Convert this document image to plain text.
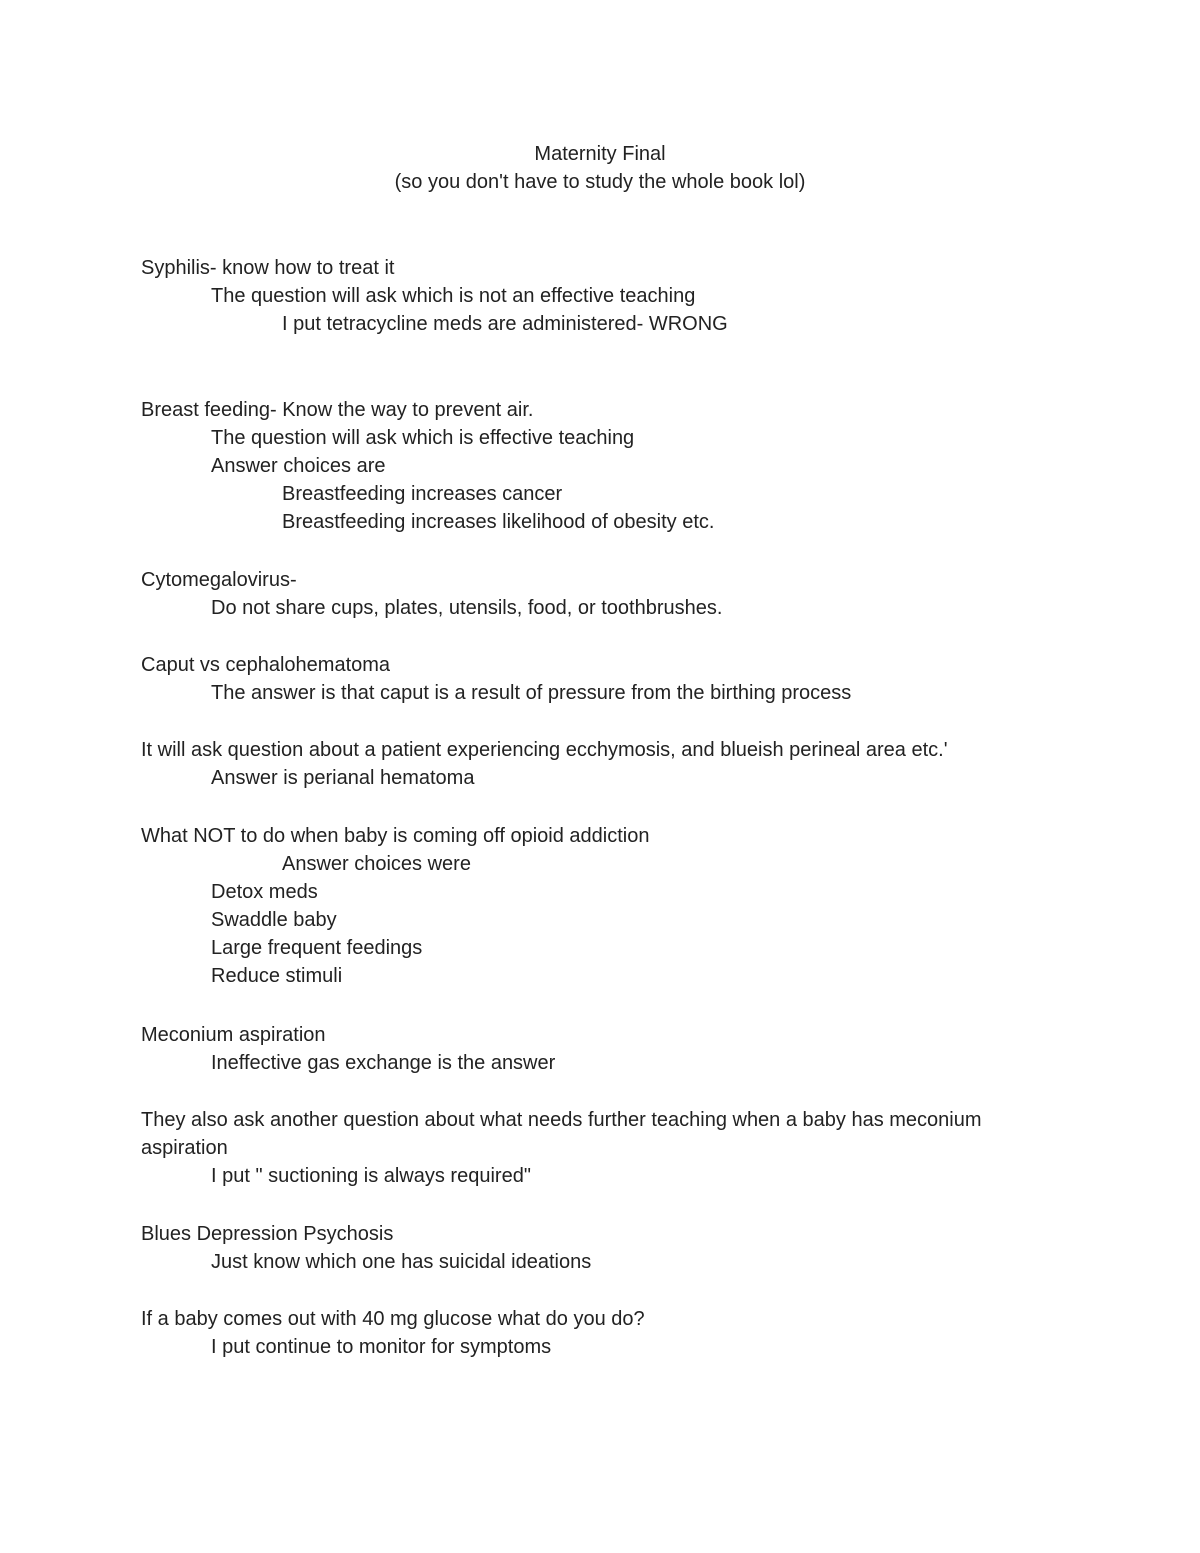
Maternity Final

(so you don't have to study the whole book lol)

Syphilis- know how to treat it

The question will ask which is not an effective teaching

I put tetracycline meds are administered- WRONG

Breast feeding- Know the way to prevent air.

The question will ask which is effective teaching

Answer choices are

Breastfeeding increases cancer

Breastfeeding increases likelihood of obesity etc.

Cytomegalovirus-

Do not share cups, plates, utensils, food, or toothbrushes.

Caput vs cephalohematoma

The answer is that caput is a result of pressure from the birthing process

It will ask question about a patient experiencing ecchymosis, and blueish perineal area etc.'

Answer is perianal hematoma

What NOT to do when baby is coming off opioid addiction

Answer choices were

Detox meds

Swaddle baby

Large frequent feedings

Reduce stimuli

Meconium aspiration

Ineffective gas exchange is the answer

They also ask another question about what needs further teaching when a baby has meconium

aspiration

I put " suctioning is always required"

Blues Depression Psychosis

Just know which one has suicidal ideations

If a baby comes out with 40 mg glucose what do you do?

I put continue to monitor for symptoms
